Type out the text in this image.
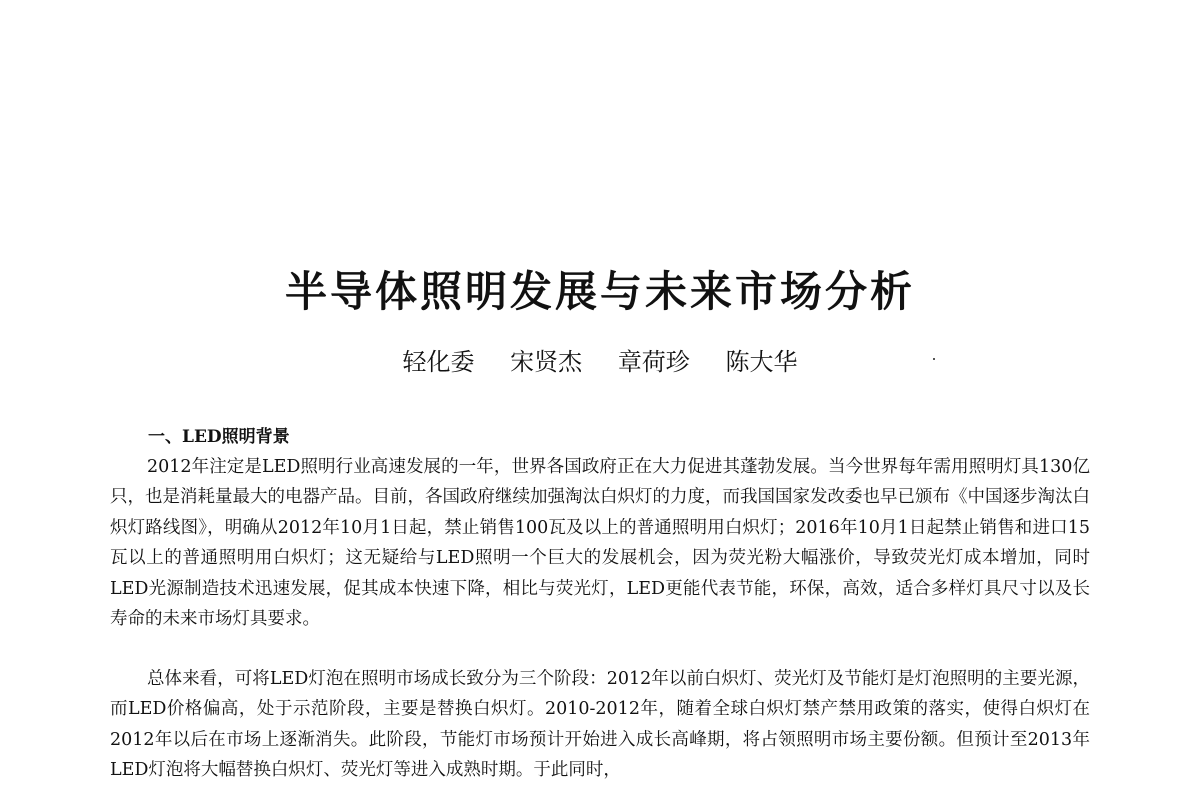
半导体照明发展与未来市场分析
轻化委 宋贤杰 章荷珍 陈大华
一、LED照明背景

2012年注定是LED照明行业高速发展的一年，世界各国政府正在大力促进其蓬勃发展。当今世界每年需用照明灯具130亿只，也是消耗量最大的电器产品。目前，各国政府继续加强淘汰白炽灯的力度，而我国国家发改委也早已颁布《中国逐步淘汰白炽灯路线图》，明确从2012年10月1日起，禁止销售100瓦及以上的普通照明用白炽灯；2016年10月1日起禁止销售和进口15瓦以上的普通照明用白炽灯；这无疑给与LED照明一个巨大的发展机会，因为荧光粉大幅涨价，导致荧光灯成本增加，同时LED光源制造技术迅速发展，促其成本快速下降，相比与荧光灯，LED更能代表节能，环保，高效，适合多样灯具尺寸以及长寿命的未来市场灯具要求。

总体来看，可将LED灯泡在照明市场成长致分为三个阶段：2012年以前白炽灯、荧光灯及节能灯是灯泡照明的主要光源，而LED价格偏高，处于示范阶段，主要是替换白炽灯。2010-2012年，随着全球白炽灯禁产禁用政策的落实，使得白炽灯在2012年以后在市场上逐渐消失。此阶段，节能灯市场预计开始进入成长高峰期，将占领照明市场主要份额。但预计至2013年LED灯泡将大幅替换白炽灯、荧光灯等进入成熟时期。于此同时，
